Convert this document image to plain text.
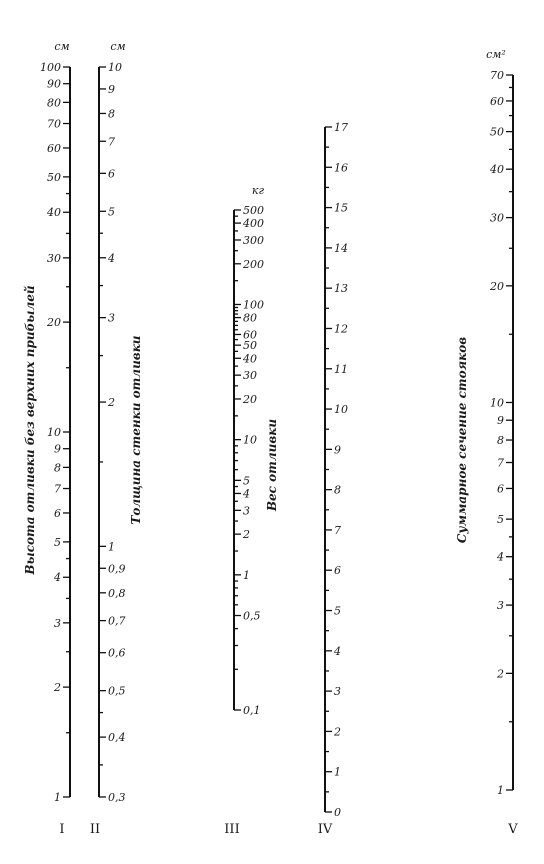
100
90
80
70
60
50
40
30
20
10
9
8
7
6
5
4
3
2
1
см
Высота отливки без верхних прибылей
I
10
9
8
7
6
5
4
3
2
1
0,9
0,8
0,7
0,6
0,5
0,4
0,3
см
Толщина стенки отливки
II
500
400
300
200
100
80
60
50
40
30
20
10
5
4
3
2
1
0,5
0,1
кг
Вес отливки
III
17
16
15
14
13
12
11
10
9
8
7
6
5
4
3
2
1
0
IV
70
60
50
40
30
20
10
9
8
7
6
5
4
3
2
1
см²
Суммарное сечение стояков
V
